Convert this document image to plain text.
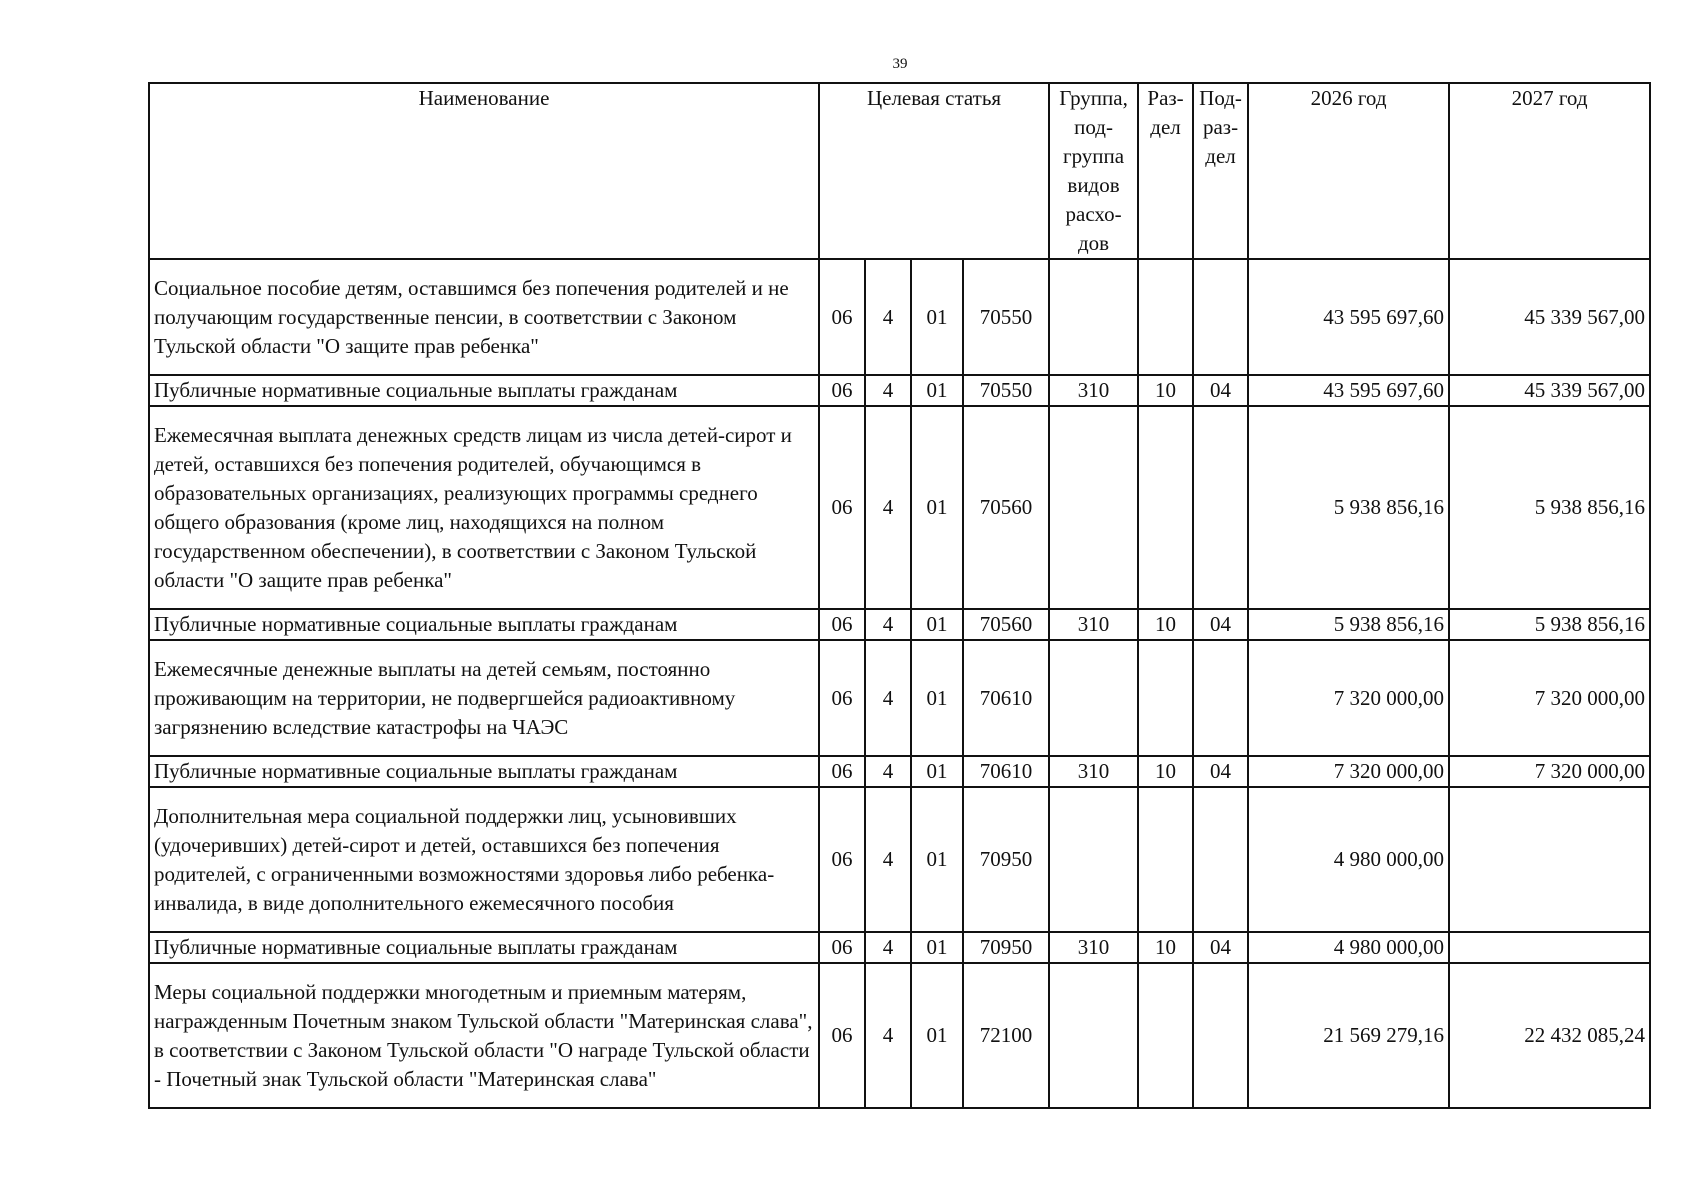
39
Наименование	Целевая статья				Группа, под-группа видов расхо-дов	Раз-дел	Под-раз-дел	2026 год	2027 год
Социальное пособие детям, оставшимся без попечения родителей и не получающим государственные пенсии, в соответствии с Законом Тульской области "О защите прав ребенка"	06	4	01	70550				43 595 697,60	45 339 567,00
Публичные нормативные социальные выплаты гражданам	06	4	01	70550	310	10	04	43 595 697,60	45 339 567,00
Ежемесячная выплата денежных средств лицам из числа детей-сирот и детей, оставшихся без попечения родителей, обучающимся в образовательных организациях, реализующих программы среднего общего образования (кроме лиц, находящихся на полном государственном обеспечении), в соответствии с Законом Тульской области "О защите прав ребенка"	06	4	01	70560				5 938 856,16	5 938 856,16
Публичные нормативные социальные выплаты гражданам	06	4	01	70560	310	10	04	5 938 856,16	5 938 856,16
Ежемесячные денежные выплаты на детей семьям, постоянно проживающим на территории, не подвергшейся радиоактивному загрязнению вследствие катастрофы на ЧАЭС	06	4	01	70610				7 320 000,00	7 320 000,00
Публичные нормативные социальные выплаты гражданам	06	4	01	70610	310	10	04	7 320 000,00	7 320 000,00
Дополнительная мера социальной поддержки лиц, усыновивших (удочеривших) детей-сирот и детей, оставшихся без попечения родителей, с ограниченными возможностями здоровья либо ребенка-инвалида, в виде дополнительного ежемесячного пособия	06	4	01	70950				4 980 000,00	
Публичные нормативные социальные выплаты гражданам	06	4	01	70950	310	10	04	4 980 000,00	
Меры социальной поддержки многодетным и приемным матерям, награжденным Почетным знаком Тульской области "Материнская слава", в соответствии с Законом Тульской области "О награде Тульской области - Почетный знак Тульской области "Материнская слава"	06	4	01	72100				21 569 279,16	22 432 085,24
